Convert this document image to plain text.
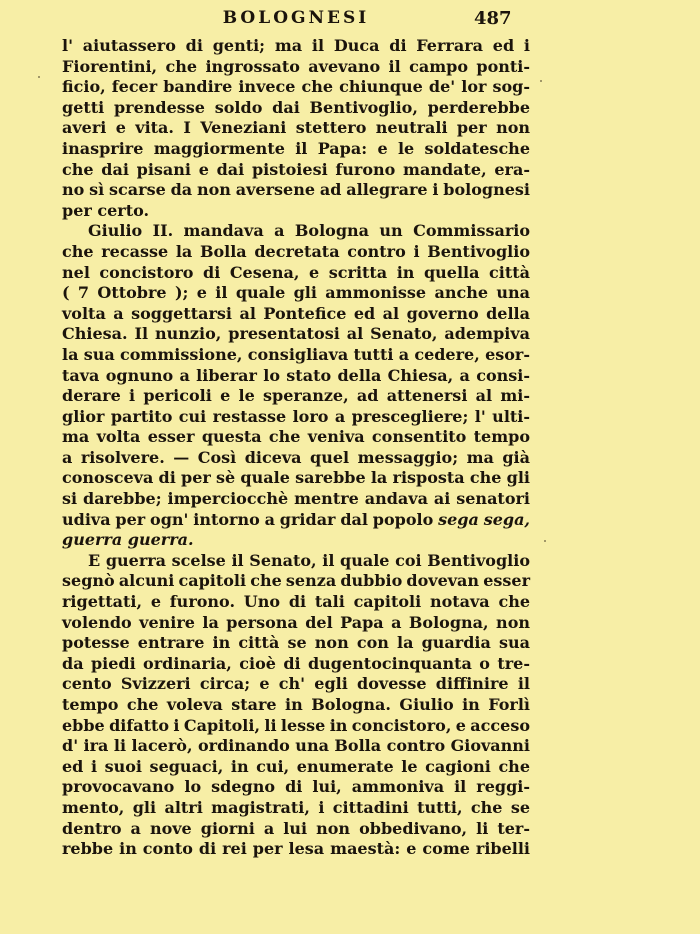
BOLOGNESI	487
l' aiutassero di genti; ma il Duca di Ferrara ed i
Fiorentini, che ingrossato avevano il campo ponti-
ficio, fecer bandire invece che chiunque de' lor sog-
getti prendesse soldo dai Bentivoglio, perderebbe
averi e vita. I Veneziani stettero neutrali per non
inasprire maggiormente il Papa: e le soldatesche
che dai pisani e dai pistoiesi furono mandate, era-
no sì scarse da non aversene ad allegrare i bolognesi
per certo.
Giulio II. mandava a Bologna un Commissario
che recasse la Bolla decretata contro i Bentivoglio
nel concistoro di Cesena, e scritta in quella città
( 7 Ottobre ); e il quale gli ammonisse anche una
volta a soggettarsi al Pontefice ed al governo della
Chiesa. Il nunzio, presentatosi al Senato, adempiva
la sua commissione, consigliava tutti a cedere, esor-
tava ognuno a liberar lo stato della Chiesa, a consi-
derare i pericoli e le speranze, ad attenersi al mi-
glior partito cui restasse loro a prescegliere; l' ulti-
ma volta esser questa che veniva consentito tempo
a risolvere. — Così diceva quel messaggio; ma già
conosceva di per sè quale sarebbe la risposta che gli
si darebbe; imperciocchè mentre andava ai senatori
udiva per ogn' intorno a gridar dal popolo sega sega,
guerra guerra.
E guerra scelse il Senato, il quale coi Bentivoglio
segnò alcuni capitoli che senza dubbio dovevan esser
rigettati, e furono. Uno di tali capitoli notava che
volendo venire la persona del Papa a Bologna, non
potesse entrare in città se non con la guardia sua
da piedi ordinaria, cioè di dugentocinquanta o tre-
cento Svizzeri circa; e ch' egli dovesse diffinire il
tempo che voleva stare in Bologna. Giulio in Forlì
ebbe difatto i Capitoli, li lesse in concistoro, e acceso
d' ira li lacerò, ordinando una Bolla contro Giovanni
ed i suoi seguaci, in cui, enumerate le cagioni che
provocavano lo sdegno di lui, ammoniva il reggi-
mento, gli altri magistrati, i cittadini tutti, che se
dentro a nove giorni a lui non obbedivano, li ter-
rebbe in conto di rei per lesa maestà: e come ribelli
